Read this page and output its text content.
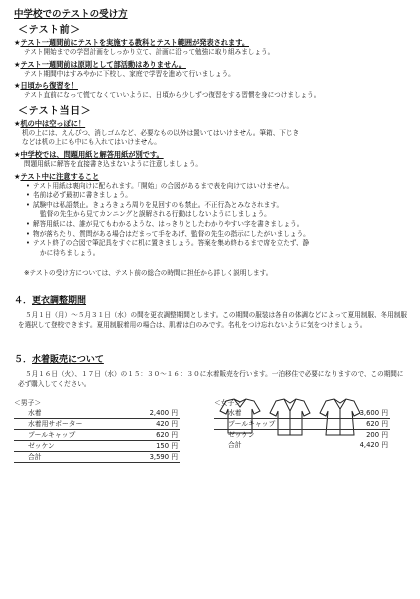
中学校でのテストの受け方
＜テスト前＞
★テスト一週間前にテストを実施する教科とテスト範囲が発表されます。
テスト開始までの学習計画をしっかり立て、計画に沿って勉強に取り組みましょう。
★テスト一週間前は原則として部活動はありません。
テスト期間中はすみやかに下校し、家庭で学習を進めて行いましょう。
★日頃から復習を！
テスト直前になって慌てなくていいように、日頃から少しずつ復習をする習慣を身につけましょう。
＜テスト当日＞
★机の中は空っぽに！
机の上には、えんぴつ、消しゴムなど、必要なもの以外は置いてはいけません。筆箱、下じき
などは机の上にも中にも入れてはいけません。
★中学校では、問題用紙と解答用紙が別です。
問題用紙に解答を直接書き込まないように注意しましょう。
★テスト中に注意すること
• テスト用紙は裏向けに配られます。「開始」の合図があるまで表を向けてはいけません。
• 名前は必ず最初に書きましょう。
• 試験中は私語禁止。きょろきょろ周りを見回すのも禁止。不正行為とみなされます。
監督の先生から見てカンニングと誤解される行動はしないようにしましょう。
• 解答用紙には、誰が見てもわかるような、はっきりとしたわかりやすい字を書きましょう。
• 物が落ちたり、質問がある場合はだまって手をあげ、監督の先生の指示にしたがいましょう。
• テスト終了の合図で筆記具をすぐに机に置きましょう。答案を集め終わるまで席を立たず、静
かに待ちましょう。
※テストの受け方については、テスト前の総合の時間に担任から詳しく説明します。
４．更衣調整期間
５月１日（月）～５月３１日（水）の間を更衣調整期間とします。この期間の服装は各自の体調などによって夏用制服、冬用制服を選択して登校できます。夏用制服着用の場合は、肌着は白のみです。名札をつけ忘れないように気をつけましょう。
５．水着販売について
５月１６日（火）、１７日（水）の１５：３０～１６：３０に水着販売を行います。一泊移住で必要になりますので、この期間に必ず購入してください。
＜男子＞
水着	2,400 円
水着用サポーター	420 円
プールキャップ	620 円
ゼッケン	150 円
合計	3,590 円
＜女子＞
水着	3,600 円
プールキャップ	620 円
ゼッケン	200 円
合計	4,420 円
